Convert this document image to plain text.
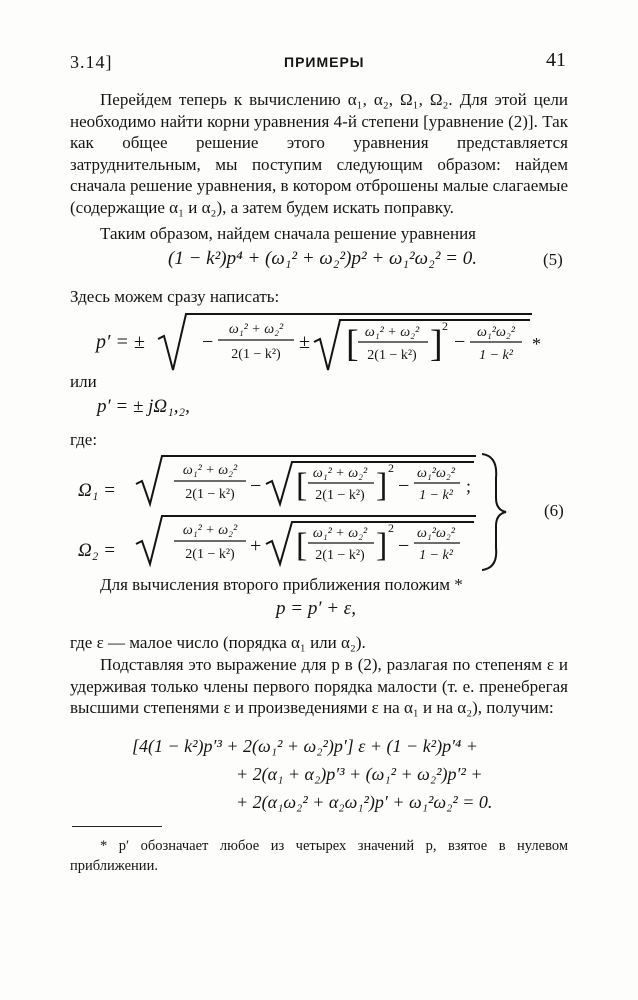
3.14]	ПРИМЕРЫ	41
Перейдем теперь к вычислению α₁, α₂, Ω₁, Ω₂. Для этой цели необходимо найти корни уравнения 4-й степени [уравнение (2)]. Так как общее решение этого уравнения представляется затруднительным, мы поступим следующим образом: найдем сначала решение уравнения, в котором отброшены малые слагаемые (содержащие α₁ и α₂), а затем будем искать поправку.
Таким образом, найдем сначала решение уравнения
(1 − k²)p⁴ + (ω₁² + ω₂²)p² + ω₁²ω₂² = 0.	(5)
Здесь можем сразу написать:
p′ = ±	−
ω₁² + ω₂²
2(1 − k²)
± [ ω₁² + ω₂²
2(1 − k²) ] 2
− ω₁²ω₂²
1 − k²
*
или
p′ = ± jΩ₁,₂,
где:
Ω₁ =
ω₁² + ω₂²
2(1 − k²) − [ ω₁² + ω₂²
2(1 − k²) ] 2
−
ω₁²ω₂²
1 − k² ;
Ω₂ =
ω₁² + ω₂²
2(1 − k²) + [ ω₁² + ω₂²
2(1 − k²) ] 2
−
ω₁²ω₂²
1 − k²
(6)
Для вычисления второго приближения положим *
p = p′ + ε,
где ε — малое число (порядка α₁ или α₂).
Подставляя это выражение для p в (2), разлагая по степеням ε и удерживая только члены первого порядка малости (т. е. пренебрегая высшими степенями ε и произведениями ε на α₁ и на α₂), получим:
[4(1 − k²)p′³ + 2(ω₁² + ω₂²)p′] ε + (1 − k²)p′⁴ +
+ 2(α₁ + α₂)p′³ + (ω₁² + ω₂²)p′² +
+ 2(α₁ω₂² + α₂ω₁²)p′ + ω₁²ω₂² = 0.
* p′ обозначает любое из четырех значений p, взятое в нулевом приближении.
